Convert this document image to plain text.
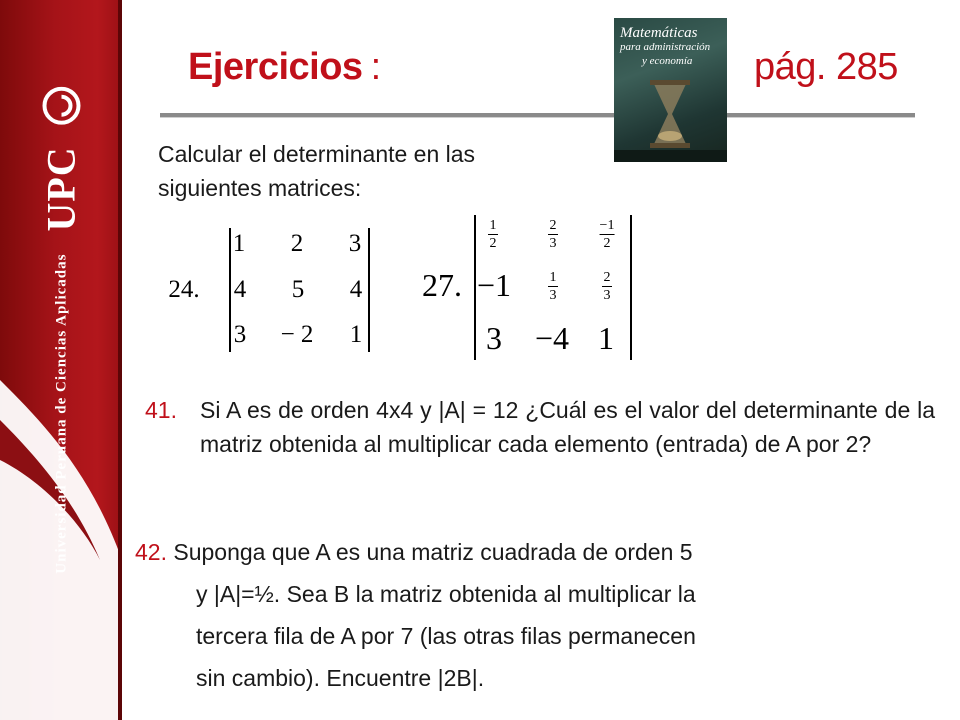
Universidad Peruana de Ciencias Aplicadas
UPC
Ejercicios :	pág. 285
Matemáticas
para administración
y economía
Calcular el determinante en las
siguientes matrices:
24.
1 2 3
4 5 4
3 − 2 1
27.
1
2
2
3
−1
2
−1	1
3
2
3
3 −4 1
41. Si A es de orden 4x4 y |A| = 12 ¿Cuál es el valor del determinante de la matriz obtenida al multiplicar cada elemento (entrada) de A por 2?
42. Suponga que A es una matriz cuadrada de orden 5
y |A|=½. Sea B la matriz obtenida al multiplicar la
tercera fila de A por 7 (las otras filas permanecen
sin cambio). Encuentre |2B|.
